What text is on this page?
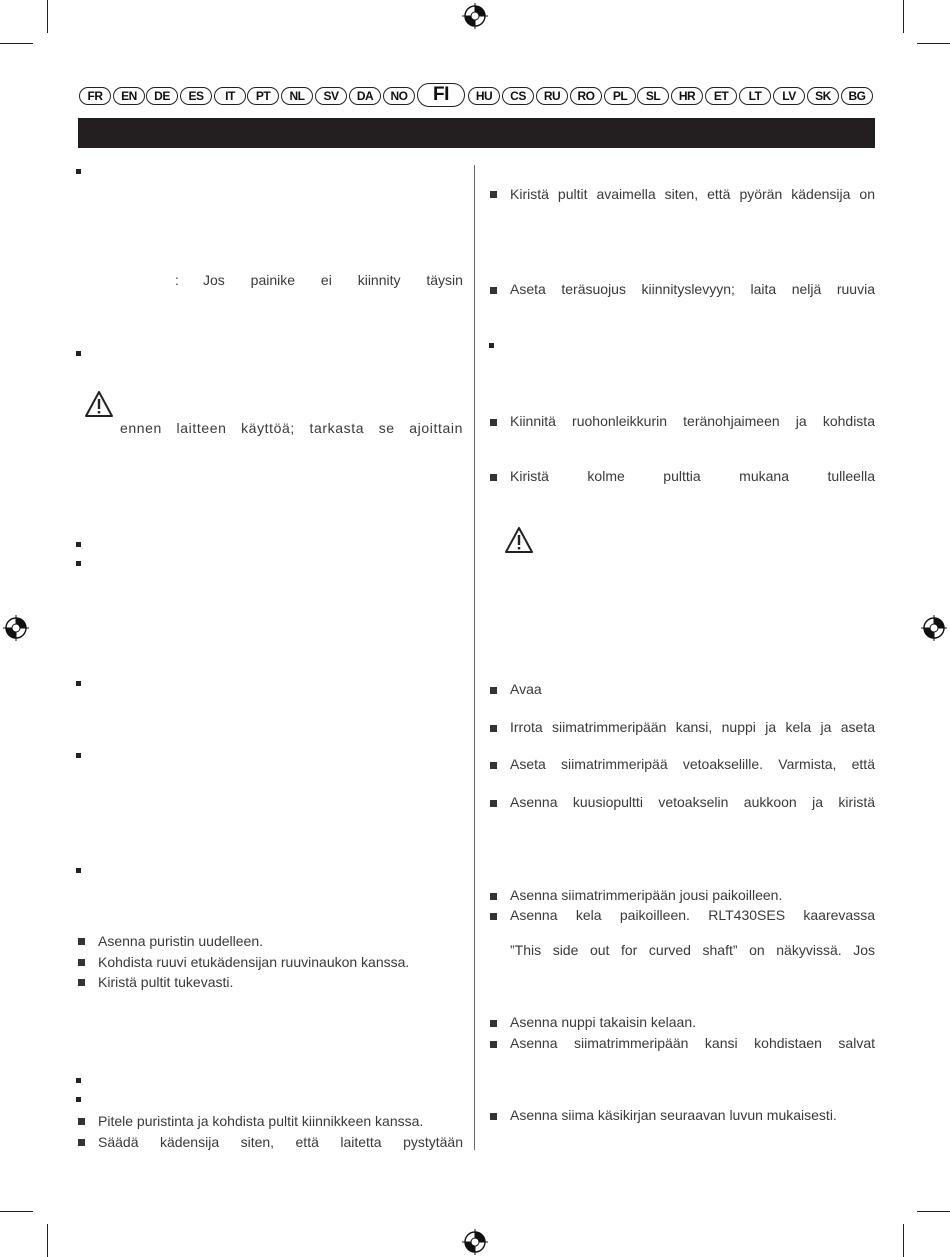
FR	EN	DE	ES	IT	PT	NL	SV	DA	NO	FI	HU	CS	RU	RO	PL	SL	HR	ET	LT	LV	SK	BG
: Jos painike ei kiinnity täysin
ennen laitteen käyttöä; tarkasta se ajoittain
Asenna puristin uudelleen.
Kohdista ruuvi etukädensijan ruuvinaukon kanssa.
Kiristä pultit tukevasti.
Pitele puristinta ja kohdista pultit kiinnikkeen kanssa.
Säädä kädensija siten, että laitetta pystytään
Kiristä pultit avaimella siten, että pyörän kädensija on
Aseta teräsuojus kiinnityslevyyn; laita neljä ruuvia
Kiinnitä ruohonleikkurin teränohjaimeen ja kohdista
Kiristä	kolme	pulttia	mukana	tulleella
Avaa
Irrota siimatrimmeripään kansi, nuppi ja kela ja aseta
Aseta siimatrimmeripää vetoakselille. Varmista, että
Asenna kuusiopultti vetoakselin aukkoon ja kiristä
Asenna siimatrimmeripään jousi paikoilleen.
Asenna kela paikoilleen. RLT430SES kaarevassa
”This side out for curved shaft” on näkyvissä. Jos
Asenna nuppi takaisin kelaan.
Asenna siimatrimmeripään kansi kohdistaen salvat
Asenna siima käsikirjan seuraavan luvun mukaisesti.
